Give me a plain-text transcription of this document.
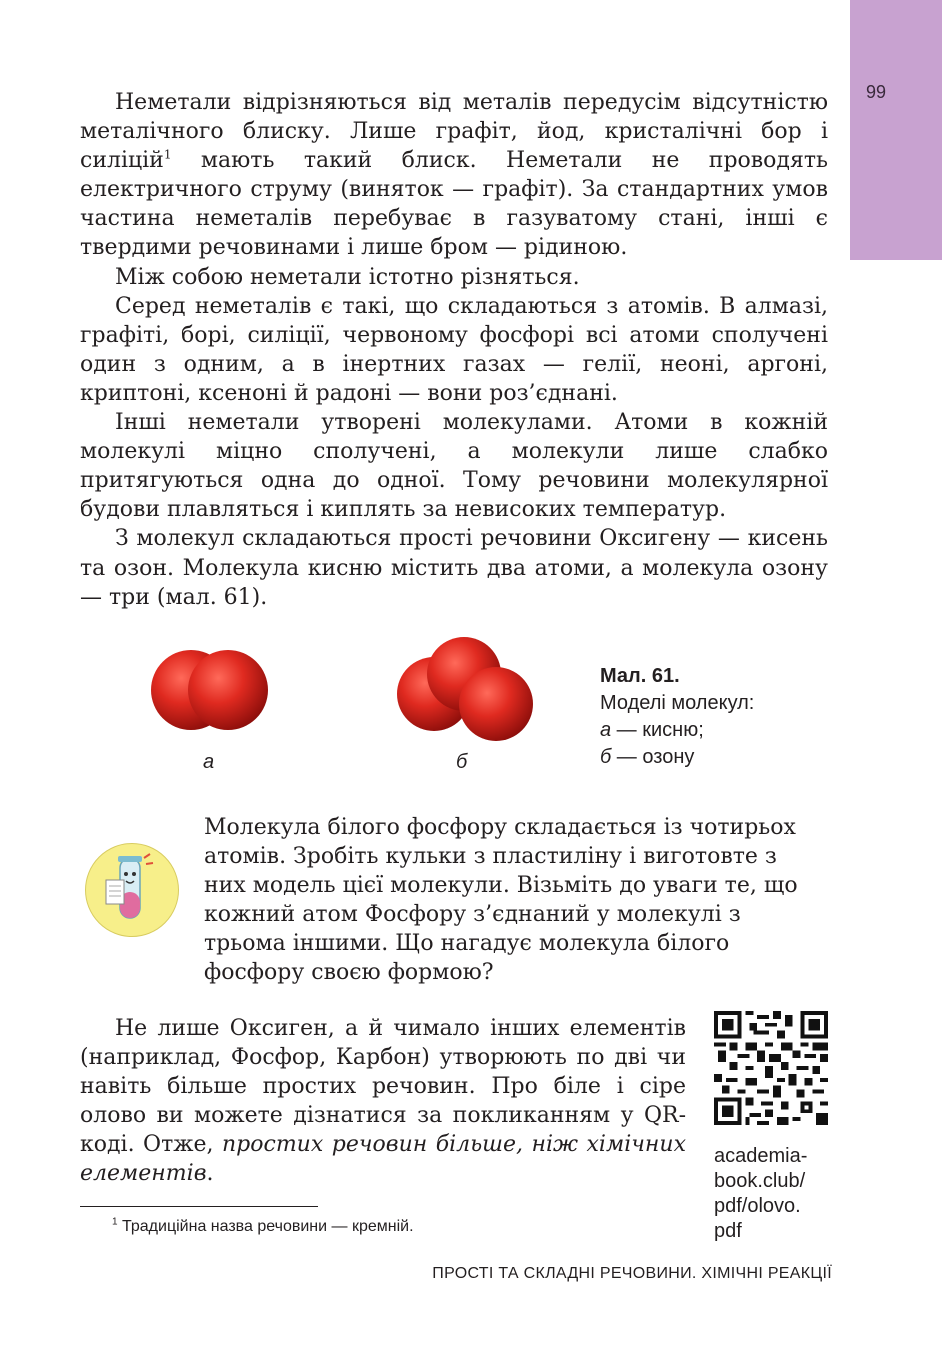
99

Неметали відрізняються від металів передусім відсутністю металічного блиску. Лише графіт, йод, кристалічні бор і силіцій$^1$ мають такий блиск. Неметали не проводять електричного струму (виняток — графіт). За стандартних умов частина неметалів перебуває в газуватому стані, інші є твердими речовинами і лише бром — рідиною.

Між собою неметали істотно різняться.

Серед неметалів є такі, що складаються з атомів. В алмазі, графіті, борі, силіції, червоному фосфорі всі атоми сполучені один з одним, а в інертних газах — гелії, неоні, аргоні, криптоні, ксеноні й радоні — вони роз’єднані.

Інші неметали утворені молекулами. Атоми в кожній молекулі міцно сполучені, а молекули лише слабко притягуються одна до одної. Тому речовини молекулярної будови плавляться і киплять за невисоких температур.

З молекул складаються прості речовини Оксигену — кисень та озон. Молекула кисню містить два атоми, а молекула озону — три (мал. 61).

а	б
Мал. 61.
Моделі молекул:
а — кисню;
б — озону
Молекула білого фосфору складається із чотирьох атомів. Зробіть кульки з пластиліну і виготовте з них модель цієї молекули. Візьміть до уваги те, що кожний атом Фосфору з’єднаний у молекулі з трьома іншими. Що нагадує молекула білого фосфору своєю формою?

Не лише Оксиген, а й чимало інших елементів (наприклад, Фосфор, Карбон) утворюють по дві чи навіть більше простих речовин. Про біле і сіре олово ви можете дізнатися за покликанням у QR-коді. Отже, простих речовин більше, ніж хімічних елементів.

academia-
book.club/
pdf/olovo.
pdf
$^1$ Традиційна назва речовини — кремній.
ПРОСТІ ТА СКЛАДНІ РЕЧОВИНИ. ХІМІЧНІ РЕАКЦІЇ
